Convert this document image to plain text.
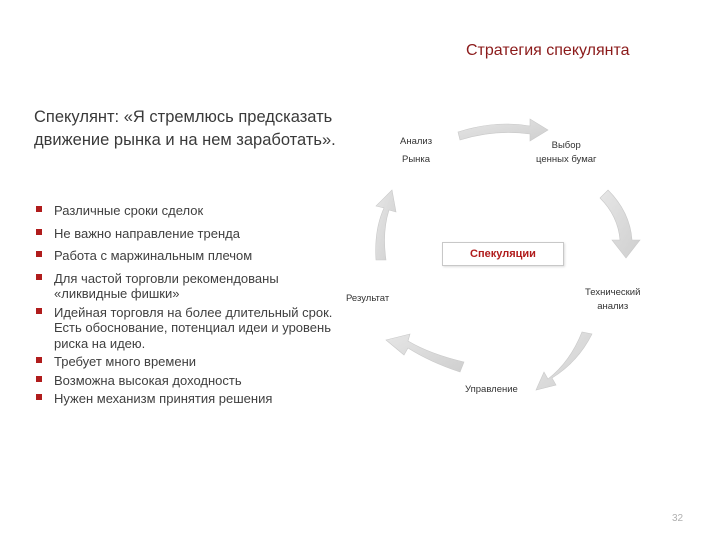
Стратегия спекулянта
Спекулянт: «Я стремлюсь предсказать движение рынка и на нем заработать».
Различные сроки сделок
Не важно направление тренда
Работа с маржинальным плечом
Для частой торговли рекомендованы «ликвидные фишки»
Идейная торговля на более длительный срок. Есть обоснование, потенциал идеи и уровень риска на идею.
Требует много времени
Возможна высокая доходность
Нужен механизм принятия решения
Анализ
Рынка
Выбор
ценных бумаг
Технический
анализ
Управление
Результат
Спекуляции
32
